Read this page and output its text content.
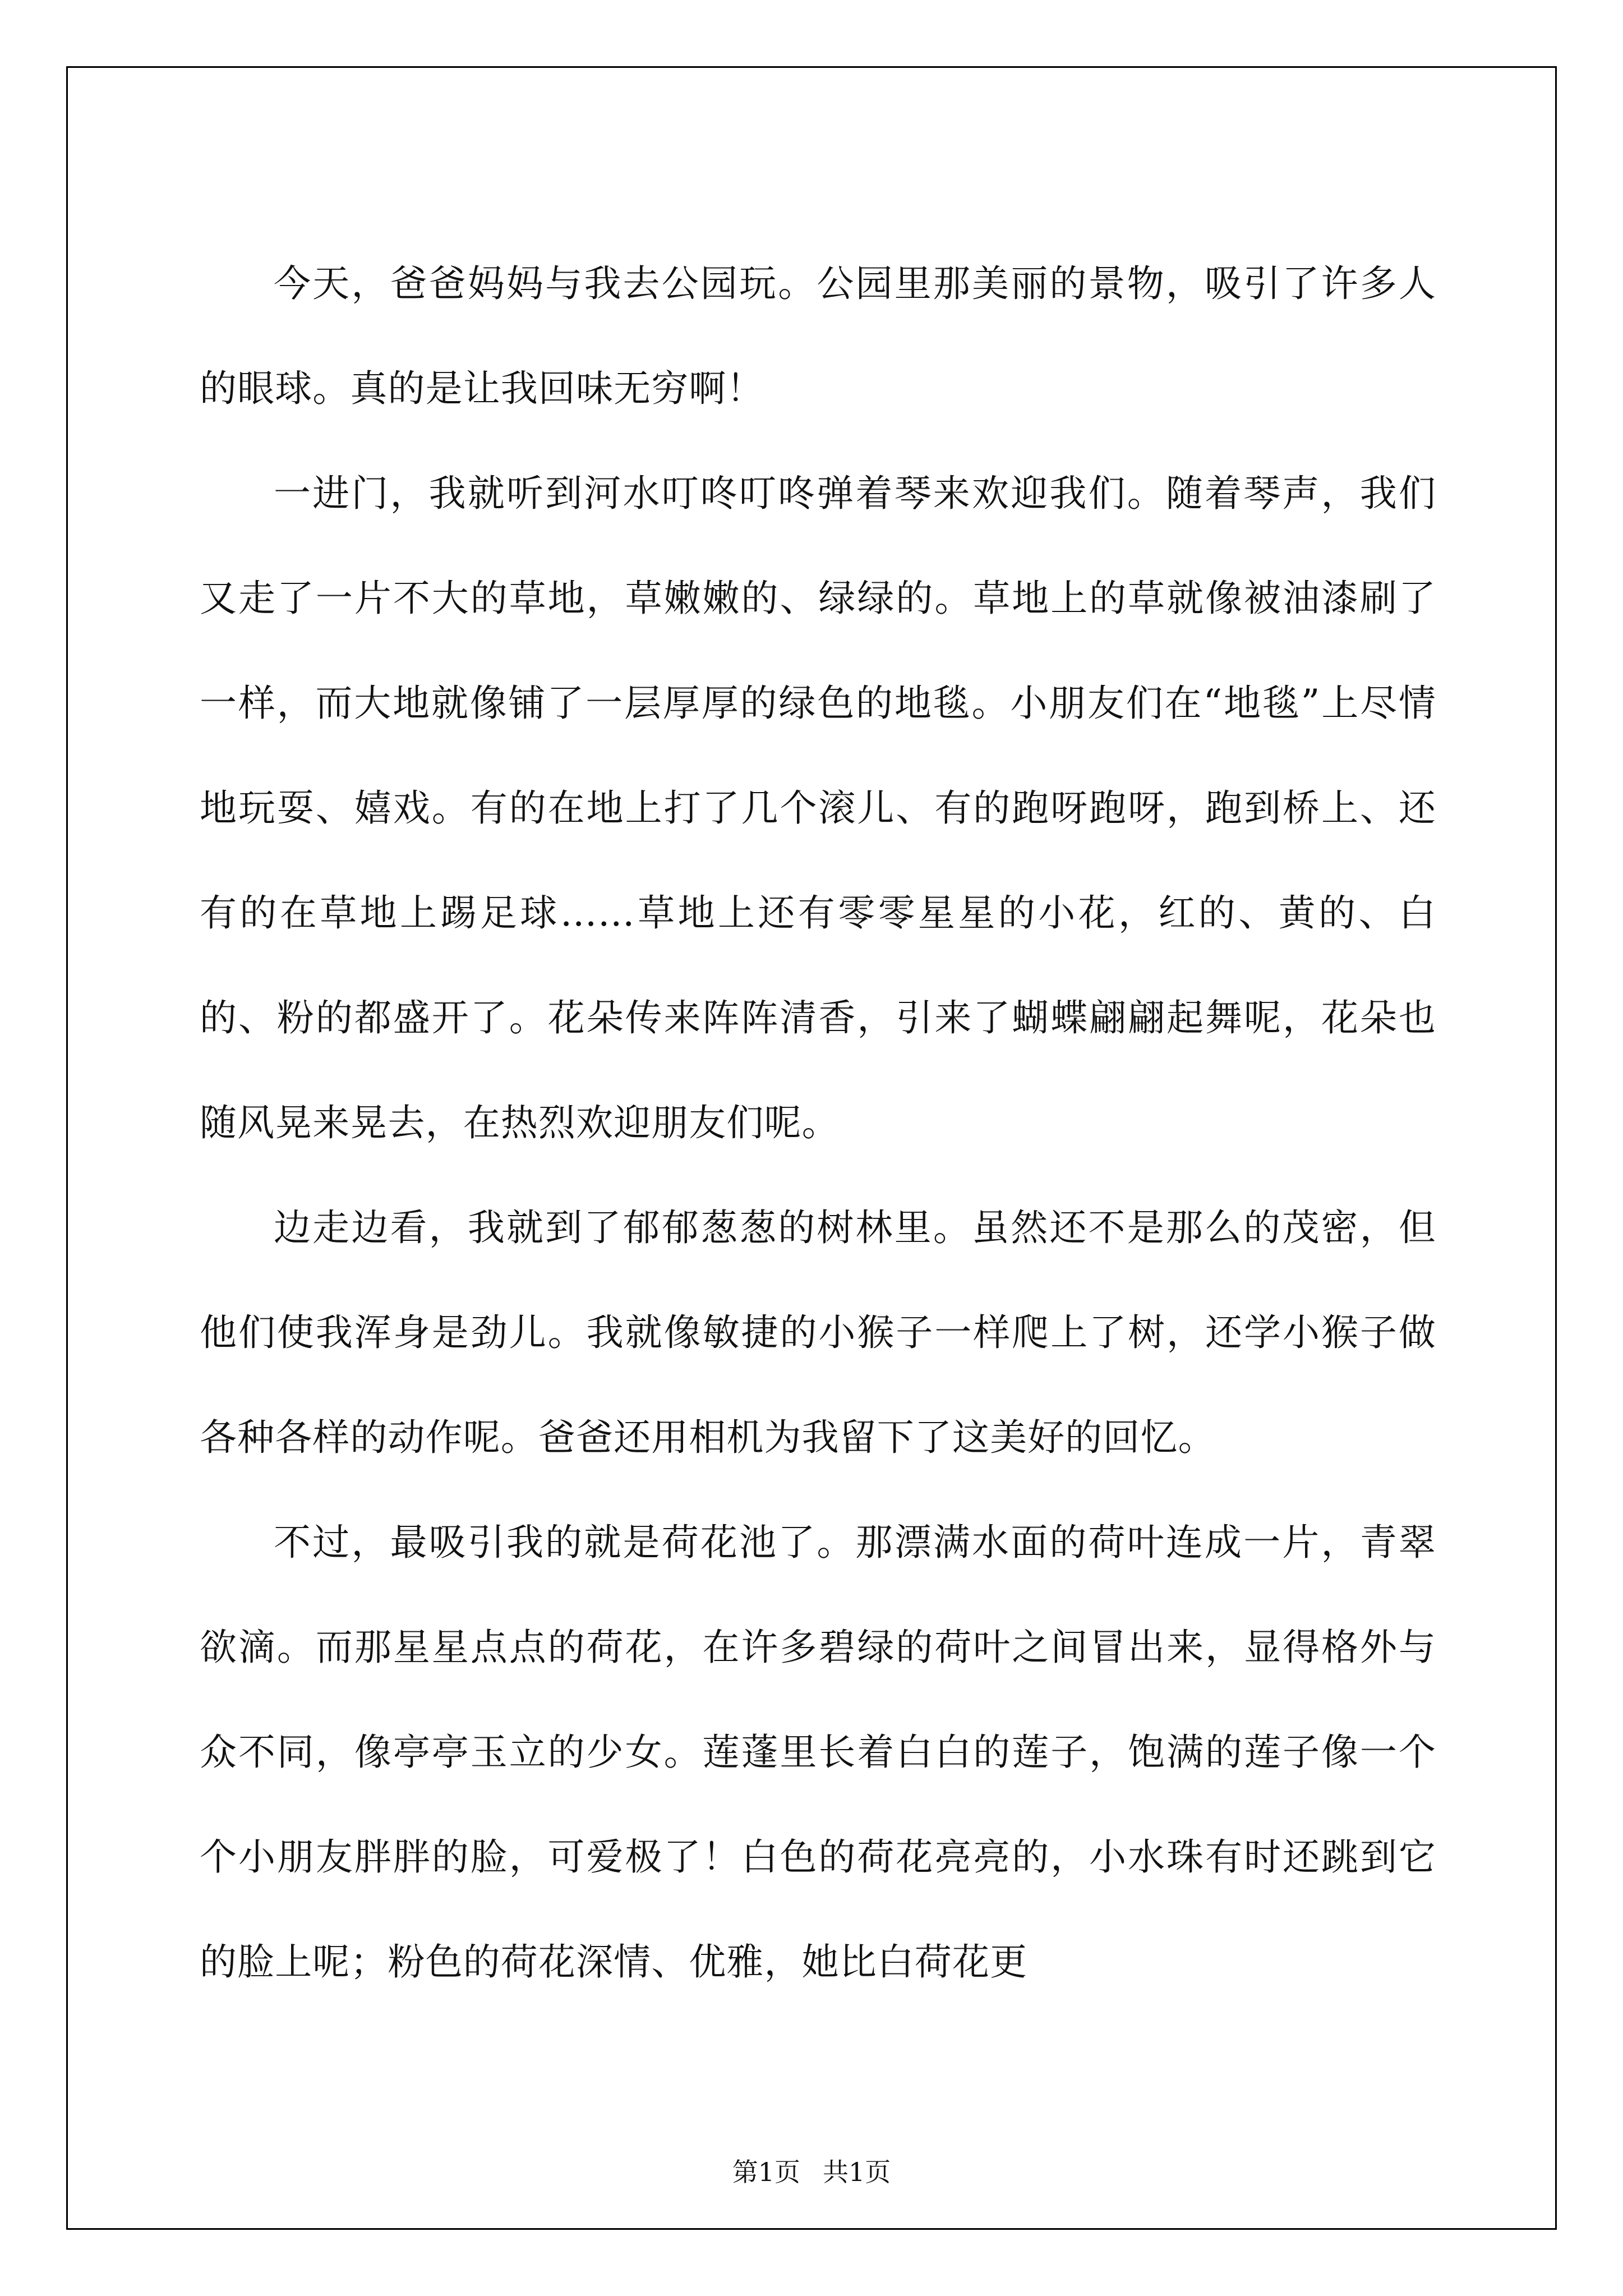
今天，爸爸妈妈与我去公园玩。公园里那美丽的景物，吸引了许多人的眼球。真的是让我回味无穷啊！

一进门，我就听到河水叮咚叮咚弹着琴来欢迎我们。随着琴声，我们又走了一片不大的草地，草嫩嫩的、绿绿的。草地上的草就像被油漆刷了一样，而大地就像铺了一层厚厚的绿色的地毯。小朋友们在“地毯”上尽情地玩耍、嬉戏。有的在地上打了几个滚儿、有的跑呀跑呀，跑到桥上、还有的在草地上踢足球……草地上还有零零星星的小花，红的、黄的、白的、粉的都盛开了。花朵传来阵阵清香，引来了蝴蝶翩翩起舞呢，花朵也随风晃来晃去，在热烈欢迎朋友们呢。

边走边看，我就到了郁郁葱葱的树林里。虽然还不是那么的茂密，但他们使我浑身是劲儿。我就像敏捷的小猴子一样爬上了树，还学小猴子做各种各样的动作呢。爸爸还用相机为我留下了这美好的回忆。

不过，最吸引我的就是荷花池了。那漂满水面的荷叶连成一片，青翠欲滴。而那星星点点的荷花，在许多碧绿的荷叶之间冒出来，显得格外与众不同，像亭亭玉立的少女。莲蓬里长着白白的莲子，饱满的莲子像一个个小朋友胖胖的脸，可爱极了！白色的荷花亮亮的，小水珠有时还跳到它的脸上呢；粉色的荷花深情、优雅，她比白荷花更

第1页 共1页
